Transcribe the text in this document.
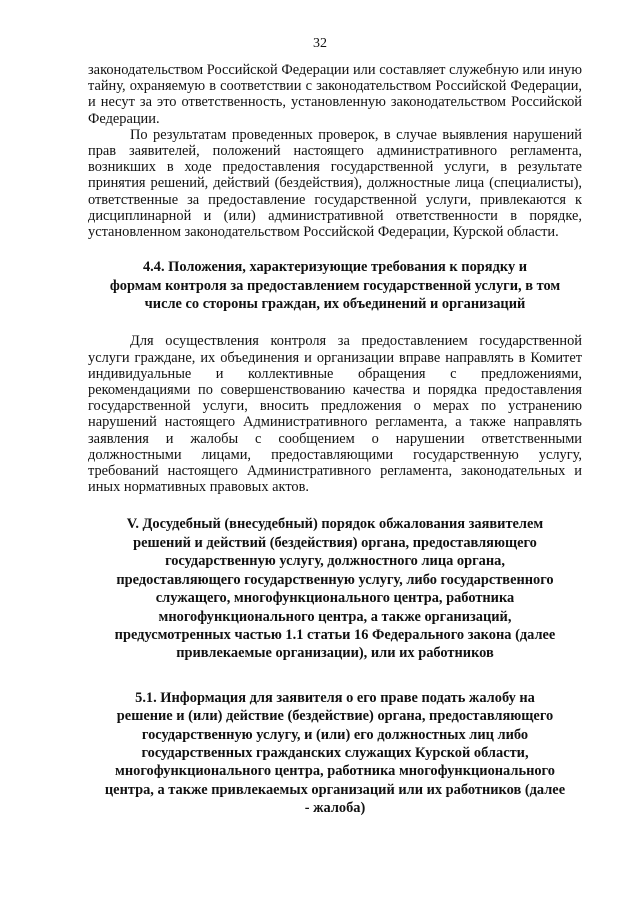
32

законодательством Российской Федерации или составляет служебную или иную тайну, охраняемую в соответствии с законодательством Российской Федерации, и несут за это ответственность, установленную законодательством Российской Федерации.

По результатам проведенных проверок, в случае выявления нарушений прав заявителей, положений настоящего административного регламента, возникших в ходе предоставления государственной услуги, в результате принятия решений, действий (бездействия), должностные лица (специалисты), ответственные за предоставление государственной услуги, привлекаются к дисциплинарной и (или) административной ответственности в порядке, установленном законодательством Российской Федерации, Курской области.

4.4. Положения, характеризующие требования к порядку и
формам контроля за предоставлением государственной услуги, в том
числе со стороны граждан, их объединений и организаций

Для осуществления контроля за предоставлением государственной услуги граждане, их объединения и организации вправе направлять в Комитет индивидуальные и коллективные обращения с предложениями, рекомендациями по совершенствованию качества и порядка предоставления государственной услуги, вносить предложения о мерах по устранению нарушений настоящего Административного регламента, а также направлять заявления и жалобы с сообщением о нарушении ответственными должностными лицами, предоставляющими государственную услугу, требований настоящего Административного регламента, законодательных и иных нормативных правовых актов.

V. Досудебный (внесудебный) порядок обжалования заявителем
решений и действий (бездействия) органа, предоставляющего
государственную услугу, должностного лица органа,
предоставляющего государственную услугу, либо государственного
служащего, многофункционального центра, работника
многофункционального центра, а также организаций,
предусмотренных частью 1.1 статьи 16 Федерального закона (далее
привлекаемые организации), или их работников
5.1. Информация для заявителя о его праве подать жалобу на
решение и (или) действие (бездействие) органа, предоставляющего
государственную услугу, и (или) его должностных лиц либо
государственных гражданских служащих Курской области,
многофункционального центра, работника многофункционального
центра, а также привлекаемых организаций или их работников (далее
- жалоба)
